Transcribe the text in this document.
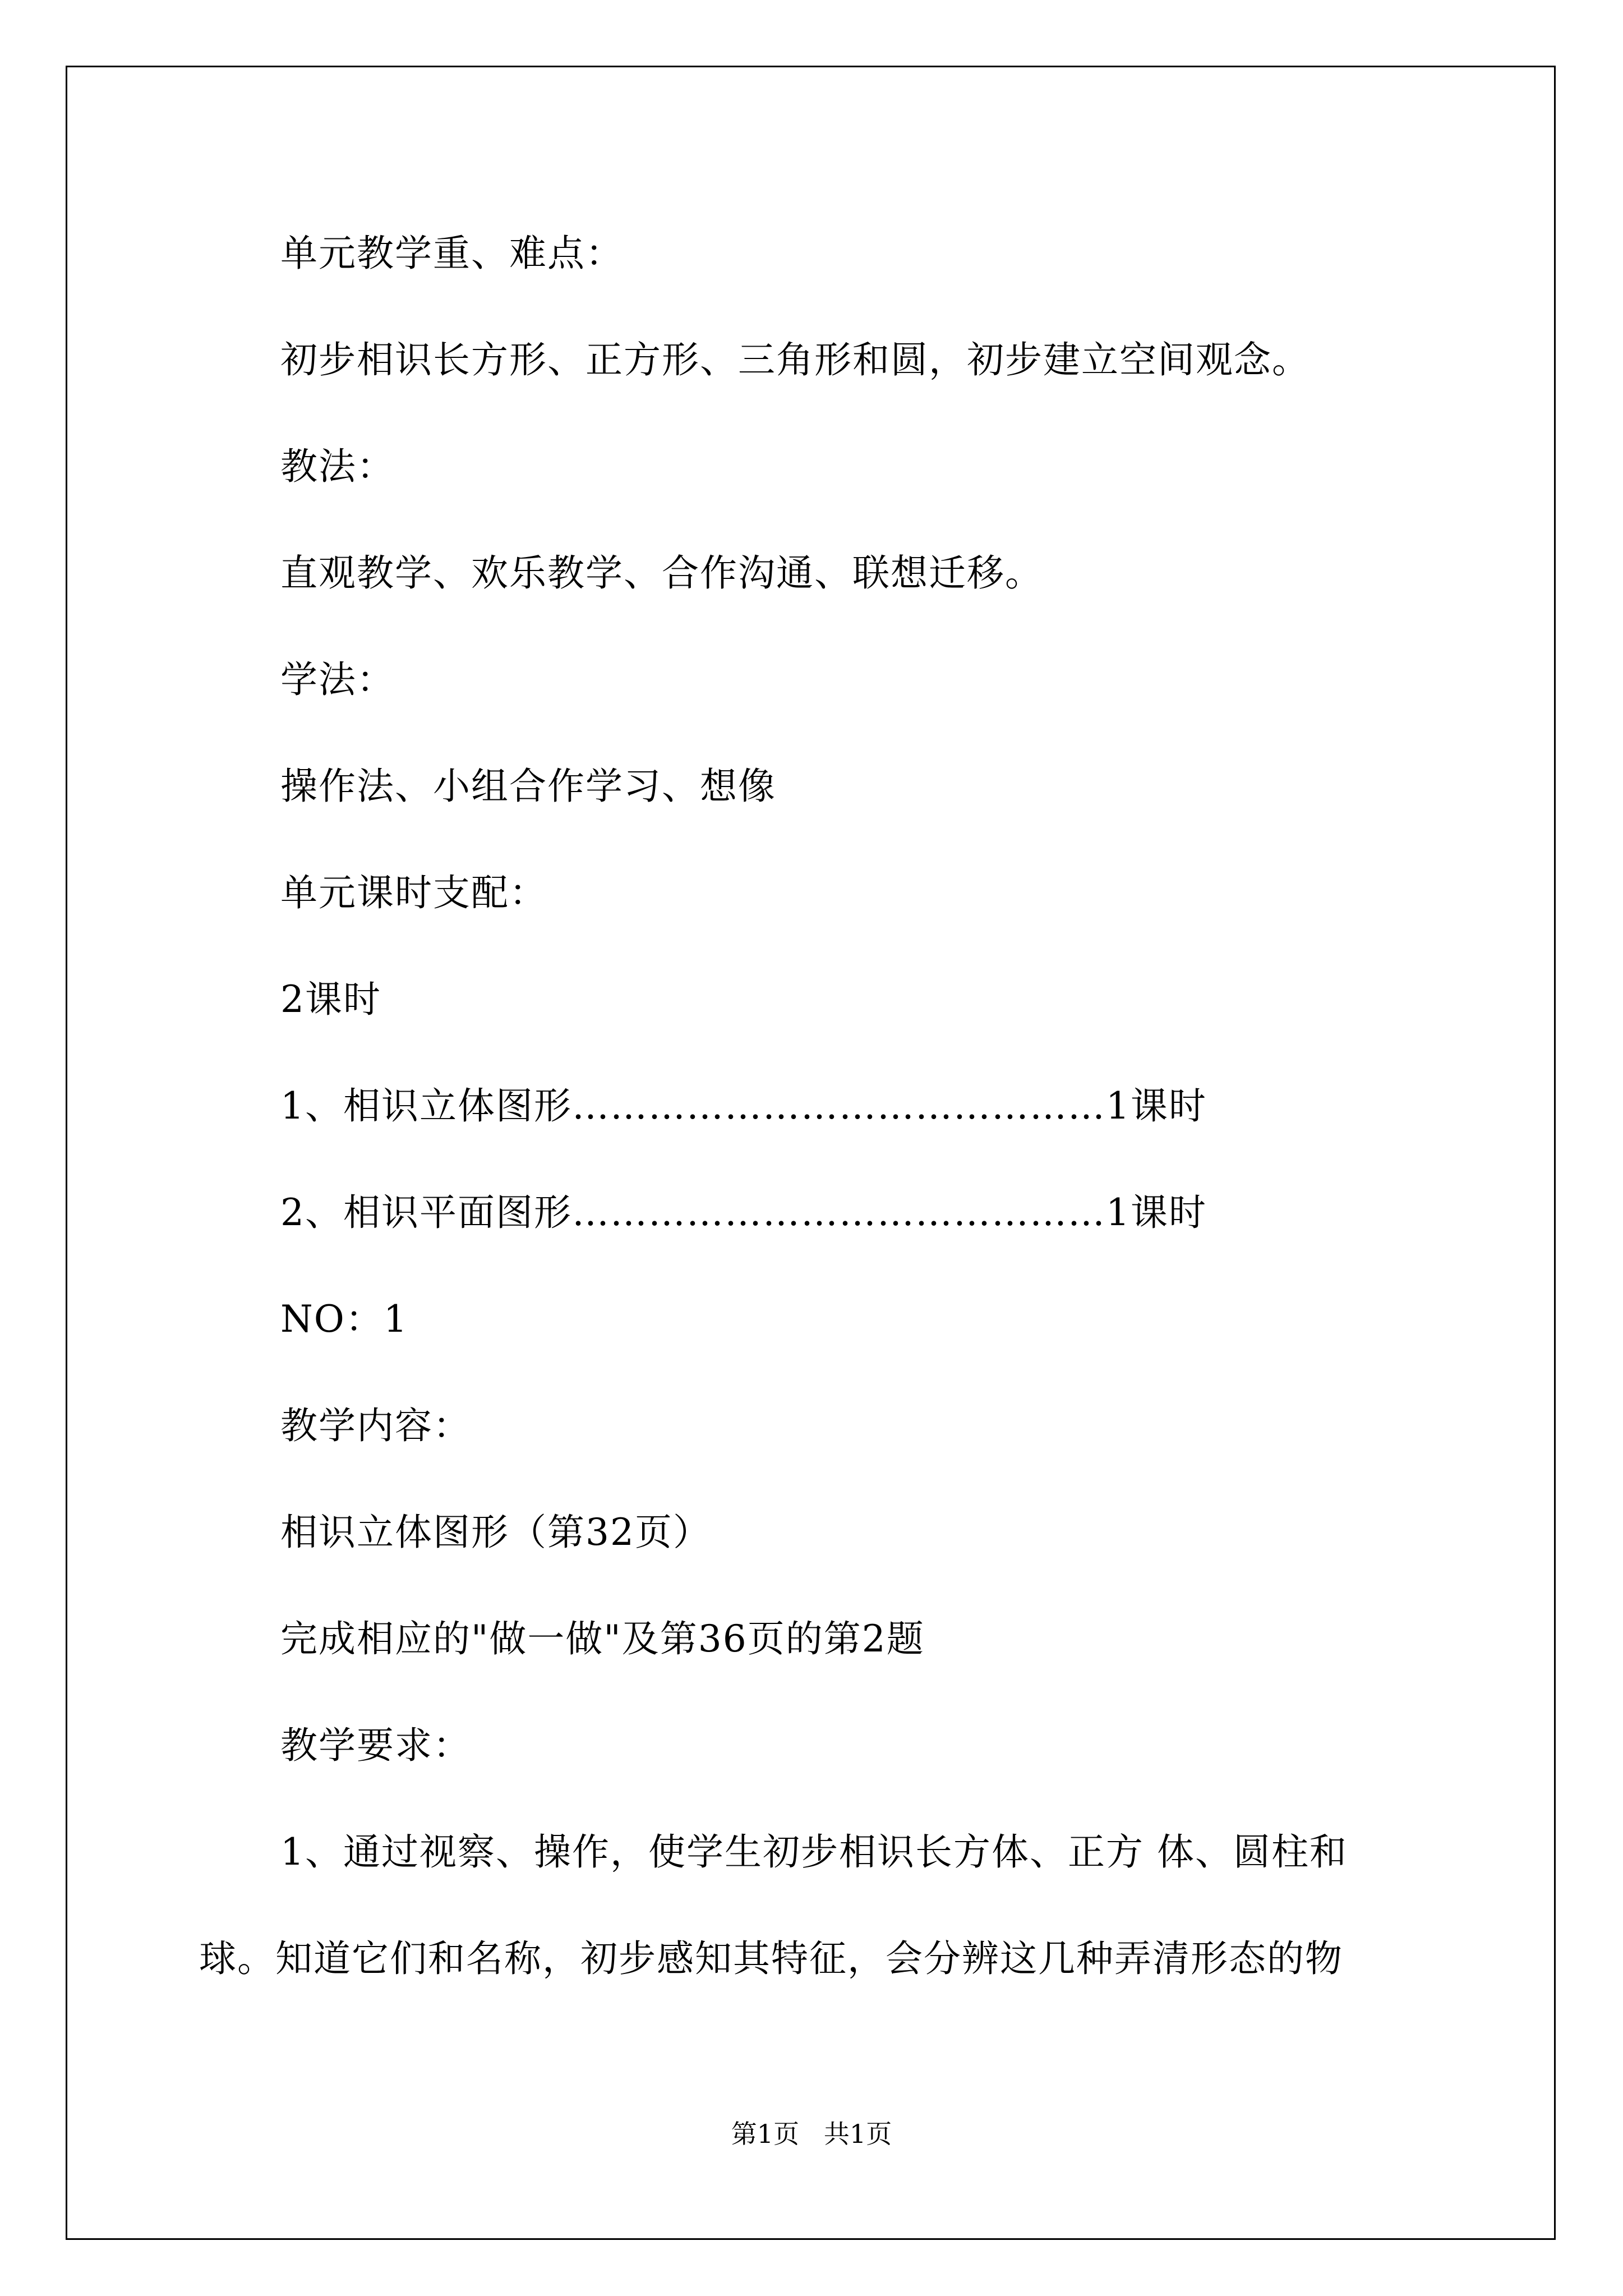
单元教学重、难点：
初步相识长方形、正方形、三角形和圆，初步建立空间观念。
教法：
直观教学、欢乐教学、合作沟通、联想迁移。
学法：
操作法、小组合作学习、想像
单元课时支配：
2课时
1、相识立体图形……………………………………1课时
2、相识平面图形……………………………………1课时
NO：1
教学内容：
相识立体图形（第32页）
完成相应的"做一做"及第36页的第2题
教学要求：
1、通过视察、操作，使学生初步相识长方体、正方 体、圆柱和
球。知道它们和名称，初步感知其特征，会分辨这几种弄清形态的物
第1页   共1页
